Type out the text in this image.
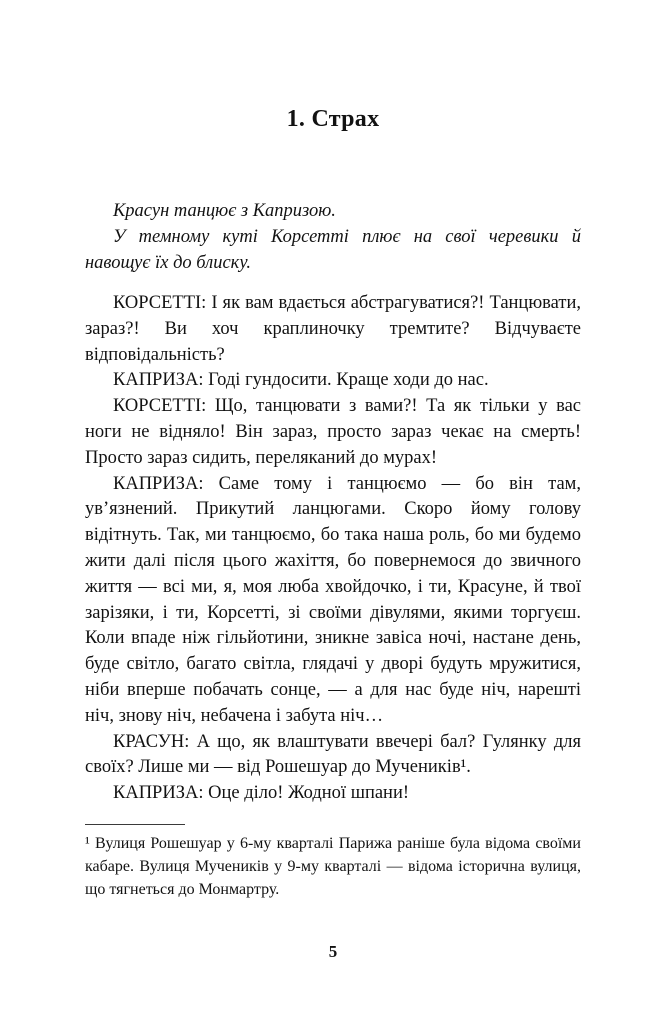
1. Страх

Красун танцює з Капризою.

У темному куті Корсетті плює на свої черевики й навощує їх до блиску.

КОРСЕТТІ: І як вам вдається абстрагуватися?! Танцювати, зараз?! Ви хоч краплиночку тремтите? Відчуваєте відповідальність?

КАПРИЗА: Годі гундосити. Краще ходи до нас.

КОРСЕТТІ: Що, танцювати з вами?! Та як тільки у вас ноги не відняло! Він зараз, просто зараз чекає на смерть! Просто зараз сидить, переляканий до мурах!

КАПРИЗА: Саме тому і танцюємо — бо він там, ув’язнений. Прикутий ланцюгами. Скоро йому голову відітнуть. Так, ми танцюємо, бо така наша роль, бо ми будемо жити далі після цього жахіття, бо повернемося до звичного життя — всі ми, я, моя люба хвойдочко, і ти, Красуне, й твої зарізяки, і ти, Корсетті, зі своїми дівулями, якими торгуєш. Коли впаде ніж гільйотини, зникне завіса ночі, настане день, буде світло, багато світла, глядачі у дворі будуть мружитися, ніби вперше побачать сонце, — а для нас буде ніч, нарешті ніч, знову ніч, небачена і забута ніч…

КРАСУН: А що, як влаштувати ввечері бал? Гулянку для своїх? Лише ми — від Рошешуар до Мучеників¹.

КАПРИЗА: Оце діло! Жодної шпани!

¹ Вулиця Рошешуар у 6-му кварталі Парижа раніше була відома своїми кабаре. Вулиця Мучеників у 9-му кварталі — відома історична вулиця, що тягнеться до Монмартру.

5
